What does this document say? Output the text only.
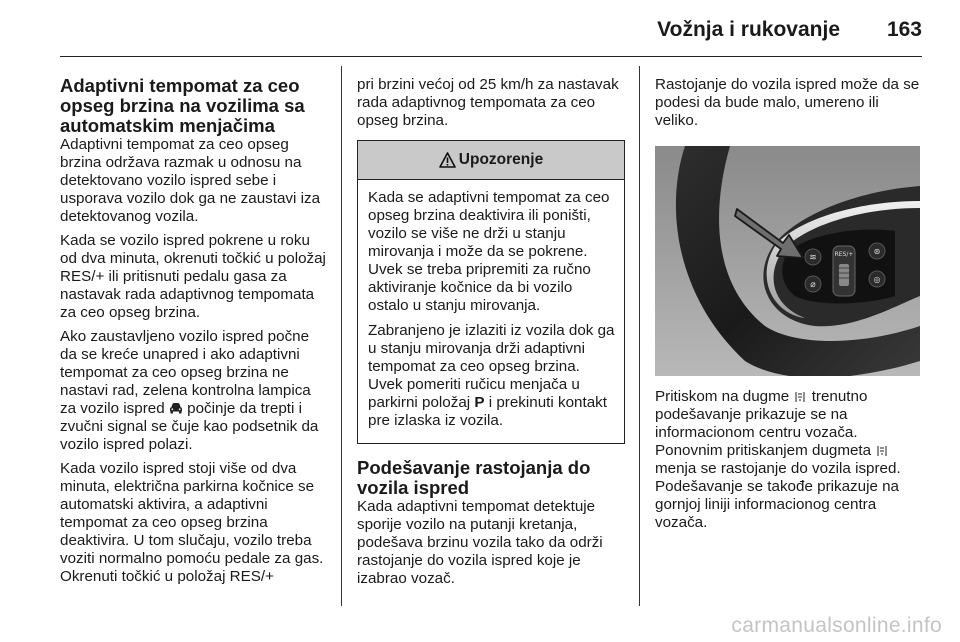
Vožnja i rukovanje 163
Adaptivni tempomat za ceo opseg brzina na vozilima sa automatskim menjačima

Adaptivni tempomat za ceo opseg brzina održava razmak u odnosu na detektovano vozilo ispred sebe i usporava vozilo dok ga ne zaustavi iza detektovanog vozila.

Kada se vozilo ispred pokrene u roku od dva minuta, okrenuti točkić u položaj RES/+ ili pritisnuti pedalu gasa za nastavak rada adaptivnog tempomata za ceo opseg brzina.

Ako zaustavljeno vozilo ispred počne da se kreće unapred i ako adaptivni tempomat za ceo opseg brzina ne nastavi rad, zelena kontrolna lampica za vozilo ispred počinje da trepti i zvučni signal se čuje kao podsetnik da vozilo ispred polazi.

Kada vozilo ispred stoji više od dva minuta, električna parkirna kočnice se automatski aktivira, a adaptivni tempomat za ceo opseg brzina deaktivira. U tom slučaju, vozilo treba voziti normalno pomoću pedale za gas. Okrenuti točkić u položaj RES/+

pri brzini većoj od 25 km/h za nastavak rada adaptivnog tempomata za ceo opseg brzina.

Upozorenje

Kada se adaptivni tempomat za ceo opseg brzina deaktivira ili poništi, vozilo se više ne drži u stanju mirovanja i može da se pokrene. Uvek se treba pripremiti za ručno aktiviranje kočnice da bi vozilo ostalo u stanju mirovanja.

Zabranjeno je izlaziti iz vozila dok ga u stanju mirovanja drži adaptivni tempomat za ceo opseg brzina. Uvek pomeriti ručicu menjača u parkirni položaj P i prekinuti kontakt pre izlaska iz vozila.

Podešavanje rastojanja do vozila ispred

Kada adaptivni tempomat detektuje sporije vozilo na putanji kretanja, podešava brzinu vozila tako da održi rastojanje do vozila ispred koje je izabrao vozač.

Rastojanje do vozila ispred može da se podesi da bude malo, umereno ili veliko.

≋
⌀
RES/+	⊛
◎

Pritiskom na dugme trenutno podešavanje prikazuje se na informacionom centru vozača. Ponovnim pritiskanjem dugmeta  menja se rastojanje do vozila ispred. Podešavanje se takođe prikazuje na gornjoj liniji informacionog centra vozača.

carmanualsonline.info
